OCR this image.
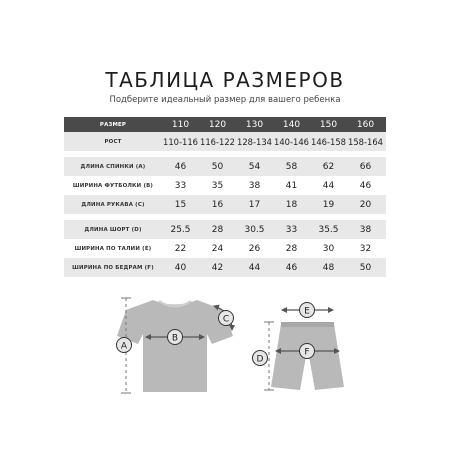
ТАБЛИЦА РАЗМЕРОВ
Подберите идеальный размер для вашего ребенка
РАЗМЕР	110	120	130	140	150	160
РОСТ	110-116 116-122 128-134 140-146 146-158 158-164
ДЛИНА СПИНКИ (A)	46	50	54	58	62	66
ШИРИНА ФУТБОЛКИ (B)	33	35	38	41	44	46
ДЛИНА РУКАВА (C)	15	16	17	18	19	20
ДЛИНА ШОРТ (D)	25.5	28	30.5	33	35.5	38
ШИРИНА ПО ТАЛИИ (E)	22	24	26	28	30	32
ШИРИНА ПО БЕДРАМ (F)	40	42	44	46	48	50
A
B
C
D
E
F
